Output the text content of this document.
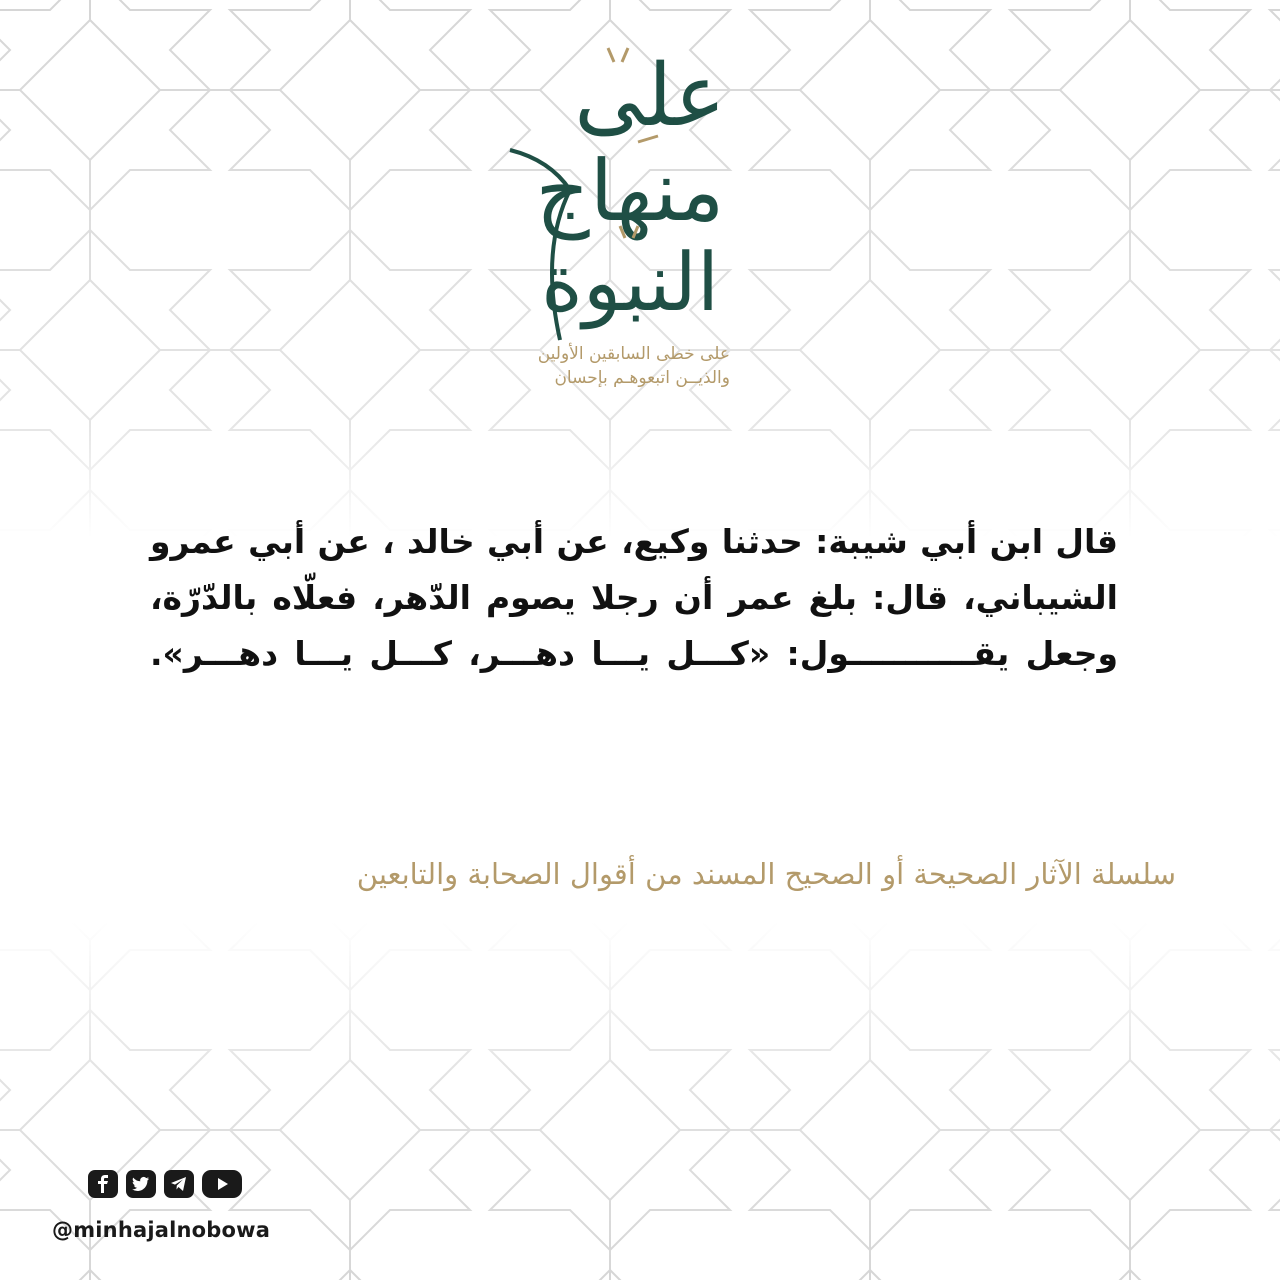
على
منهاج
النبوة
على خطى السابقين الأولين
والذيــن اتبعوهـم بإحسان
قال ابن أبي شيبة: حدثنا وكيع، عن أبي خالد ، عن أبي عمرو الشيباني، قال: بلغ عمر أن رجلا يصوم الدّهر، فعلّاه بالدّرّة، وجعل يقـــــــــــول: «كـــل يـــا دهـــر، كـــل يـــا دهـــر».
سلسلة الآثار الصحيحة أو الصحيح المسند من أقوال الصحابة والتابعين
@minhajalnobowa
